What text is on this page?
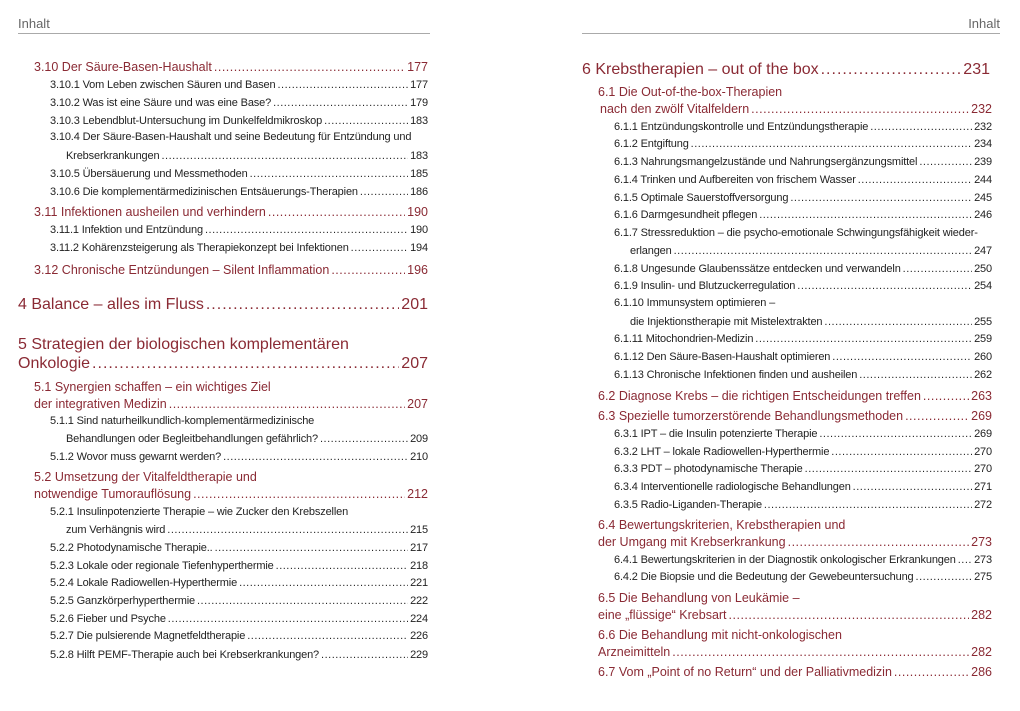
Inhalt
3.10 Der Säure-Basen-Haushalt .....	177
3.10.1 Vom Leben zwischen Säuren und Basen .....	177
3.10.2 Was ist eine Säure und was eine Base? .....	179
3.10.3 Lebendblut-Untersuchung im Dunkelfeldmikroskop .....	183
3.10.4 Der Säure-Basen-Haushalt und seine Bedeutung für Entzündung und
Krebserkrankungen .....	183
3.10.5 Übersäuerung und Messmethoden .....	185
3.10.6 Die komplementärmedizinischen Entsäuerungs-Therapien .....	186
3.11 Infektionen ausheilen und verhindern .....	190
3.11.1 Infektion und Entzündung .....	190
3.11.2 Kohärenzsteigerung als Therapiekonzept bei Infektionen .....	194
3.12 Chronische Entzündungen – Silent Inflammation .....	196
4 Balance – alles im Fluss .....	201
5 Strategien der biologischen komplementären
Onkologie .....	207
5.1 Synergien schaffen – ein wichtiges Ziel
der integrativen Medizin .....	207
5.1.1 Sind naturheilkundlich-komplementärmedizinische
Behandlungen oder Begleitbehandlungen gefährlich? .....	209
5.1.2 Wovor muss gewarnt werden? .....	210
5.2 Umsetzung der Vitalfeldtherapie und
notwendige Tumorauflösung .....	212
5.2.1 Insulinpotenzierte Therapie – wie Zucker den Krebszellen
zum Verhängnis wird .....	215
5.2.2 Photodynamische Therapie.. .....	217
5.2.3 Lokale oder regionale Tiefenhyperthermie .....	218
5.2.4 Lokale Radiowellen-Hyperthermie .....	221
5.2.5 Ganzkörperhyperthermie .....	222
5.2.6 Fieber und Psyche .....	224
5.2.7 Die pulsierende Magnetfeldtherapie .....	226
5.2.8 Hilft PEMF-Therapie auch bei Krebserkrankungen? .....	229
Inhalt
6 Krebstherapien – out of the box .....	231
6.1 Die Out-of-the-box-Therapien
nach den zwölf Vitalfeldern .....	232
6.1.1 Entzündungskontrolle und Entzündungstherapie .....	232
6.1.2 Entgiftung .....	234
6.1.3 Nahrungsmangelzustände und Nahrungsergänzungsmittel .....	239
6.1.4 Trinken und Aufbereiten von frischem Wasser .....	244
6.1.5 Optimale Sauerstoffversorgung .....	245
6.1.6 Darmgesundheit pflegen .....	246
6.1.7 Stressreduktion – die psycho-emotionale Schwingungsfähigkeit wieder-
erlangen .....	247
6.1.8 Ungesunde Glaubenssätze entdecken und verwandeln .....	250
6.1.9 Insulin- und Blutzuckerregulation .....	254
6.1.10 Immunsystem optimieren –
die Injektionstherapie mit Mistelextrakten .....	255
6.1.11 Mitochondrien-Medizin .....	259
6.1.12 Den Säure-Basen-Haushalt optimieren .....	260
6.1.13 Chronische Infektionen finden und ausheilen .....	262
6.2 Diagnose Krebs – die richtigen Entscheidungen treffen .....	263
6.3 Spezielle tumorzerstörende Behandlungsmethoden .....	269
6.3.1 IPT – die Insulin potenzierte Therapie .....	269
6.3.2 LHT – lokale Radiowellen-Hyperthermie .....	270
6.3.3 PDT – photodynamische Therapie .....	270
6.3.4 Interventionelle radiologische Behandlungen .....	271
6.3.5 Radio-Liganden-Therapie .....	272
6.4 Bewertungskriterien, Krebstherapien und
der Umgang mit Krebserkrankung .....	273
6.4.1 Bewertungskriterien in der Diagnostik onkologischer Erkrankungen ..... 273
6.4.2 Die Biopsie und die Bedeutung der Gewebeuntersuchung .....	275
6.5 Die Behandlung von Leukämie –
eine „flüssige“ Krebsart .....	282
6.6 Die Behandlung mit nicht-onkologischen
Arzneimitteln .....	282
6.7 Vom „Point of no Return“ und der Palliativmedizin .....	286
